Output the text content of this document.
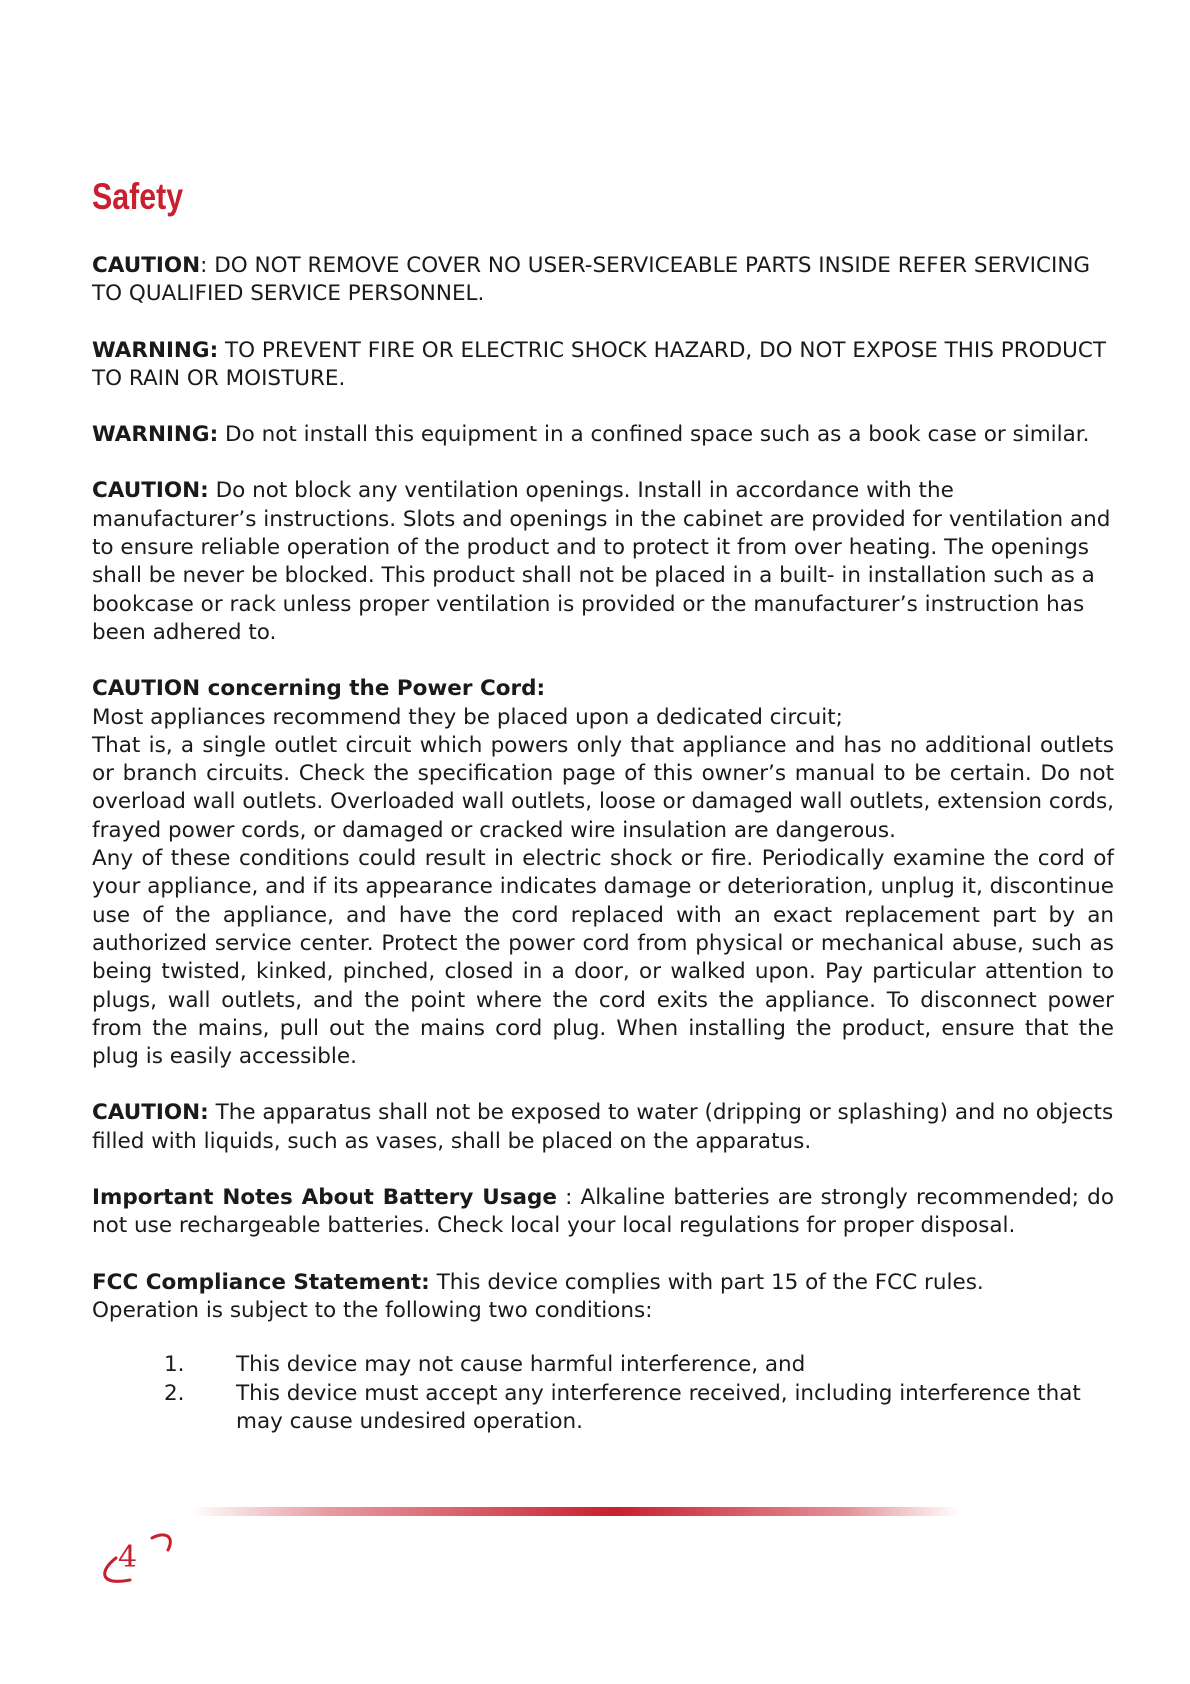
Safety

CAUTION: DO NOT REMOVE COVER NO USER-SERVICEABLE PARTS INSIDE REFER SERVICING
TO QUALIFIED SERVICE PERSONNEL.

WARNING: TO PREVENT FIRE OR ELECTRIC SHOCK HAZARD, DO NOT EXPOSE THIS PRODUCT
TO RAIN OR MOISTURE.

WARNING: Do not install this equipment in a confined space such as a book case or similar.

CAUTION: Do not block any ventilation openings. Install in accordance with the
manufacturer’s instructions. Slots and openings in the cabinet are provided for ventilation and
to ensure reliable operation of the product and to protect it from over heating. The openings
shall be never be blocked. This product shall not be placed in a built- in installation such as a
bookcase or rack unless proper ventilation is provided or the manufacturer’s instruction has
been adhered to.

CAUTION concerning the Power Cord:

Most appliances recommend they be placed upon a dedicated circuit;

That is, a single outlet circuit which powers only that appliance and has no additional outlets or branch circuits. Check the specification page of this owner’s manual to be certain. Do not overload wall outlets. Overloaded wall outlets, loose or damaged wall outlets, extension cords, frayed power cords, or damaged or cracked wire insulation are dangerous.

Any of these conditions could result in electric shock or fire. Periodically examine the cord of your appliance, and if its appearance indicates damage or deterioration, unplug it, discontinue use of the appliance, and have the cord replaced with an exact replacement part by an authorized service center. Protect the power cord from physical or mechanical abuse, such as being twisted, kinked, pinched, closed in a door, or walked upon. Pay particular attention to plugs, wall outlets, and the point where the cord exits the appliance. To disconnect power from the mains, pull out the mains cord plug. When installing the product, ensure that the plug is easily accessible.

CAUTION: The apparatus shall not be exposed to water (dripping or splashing) and no objects
filled with liquids, such as vases, shall be placed on the apparatus.

Important Notes About Battery Usage : Alkaline batteries are strongly recommended; do not use rechargeable batteries. Check local your local regulations for proper disposal.

FCC Compliance Statement: This device complies with part 15 of the FCC rules.

Operation is subject to the following two conditions:

1. This device may not cause harmful interference, and
2. This device must accept any interference received, including interference that may cause undesired operation.
4
